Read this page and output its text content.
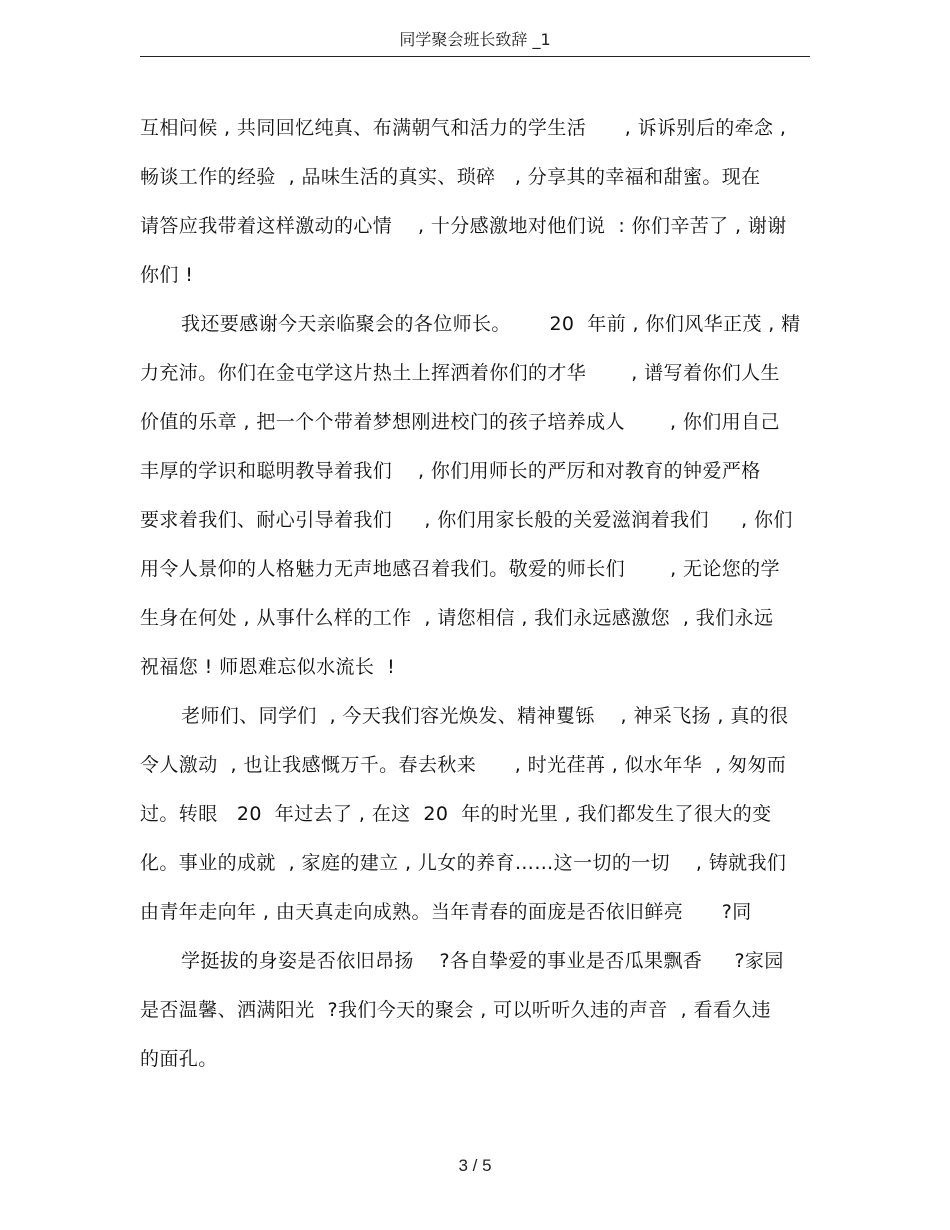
同学聚会班长致辞 _1
互相问候 , 共同回忆纯真、布满朝气和活力的学生活      , 诉诉别后的牵念 ,
畅谈工作的经验  , 品味生活的真实、琐碎   , 分享其的幸福和甜蜜。现在
请答应我带着这样激动的心情    , 十分感激地对他们说  : 你们辛苦了 , 谢谢
你们 !
我还要感谢今天亲临聚会的各位师长。      20  年前 , 你们风华正茂 , 精
力充沛。你们在金屯学这片热土上挥洒着你们的才华       , 谱写着你们人生
价值的乐章 , 把一个个带着梦想刚进校门的孩子培养成人       , 你们用自己
丰厚的学识和聪明教导着我们    , 你们用师长的严厉和对教育的钟爱严格
要求着我们、耐心引导着我们     , 你们用家长般的关爱滋润着我们     , 你们
用令人景仰的人格魅力无声地感召着我们。敬爱的师长们       , 无论您的学
生身在何处 , 从事什么样的工作  , 请您相信 , 我们永远感激您  , 我们永远
祝福您 ! 师恩难忘似水流长  !
老师们、同学们  , 今天我们容光焕发、精神矍铄    , 神采飞扬 , 真的很
令人激动  , 也让我感慨万千。春去秋来      , 时光荏苒 , 似水年华  , 匆匆而
过。转眼   20  年过去了 , 在这  20  年的时光里 , 我们都发生了很大的变
化。事业的成就  , 家庭的建立 , 儿女的养育……这一切的一切    , 铸就我们
由青年走向年 , 由天真走向成熟。当年青春的面庞是否依旧鲜亮      ?同
学挺拔的身姿是否依旧昂扬    ?各自挚爱的事业是否瓜果飘香     ?家园
是否温馨、洒满阳光  ?我们今天的聚会 , 可以听听久违的声音  , 看看久违
的面孔。
3 / 5
